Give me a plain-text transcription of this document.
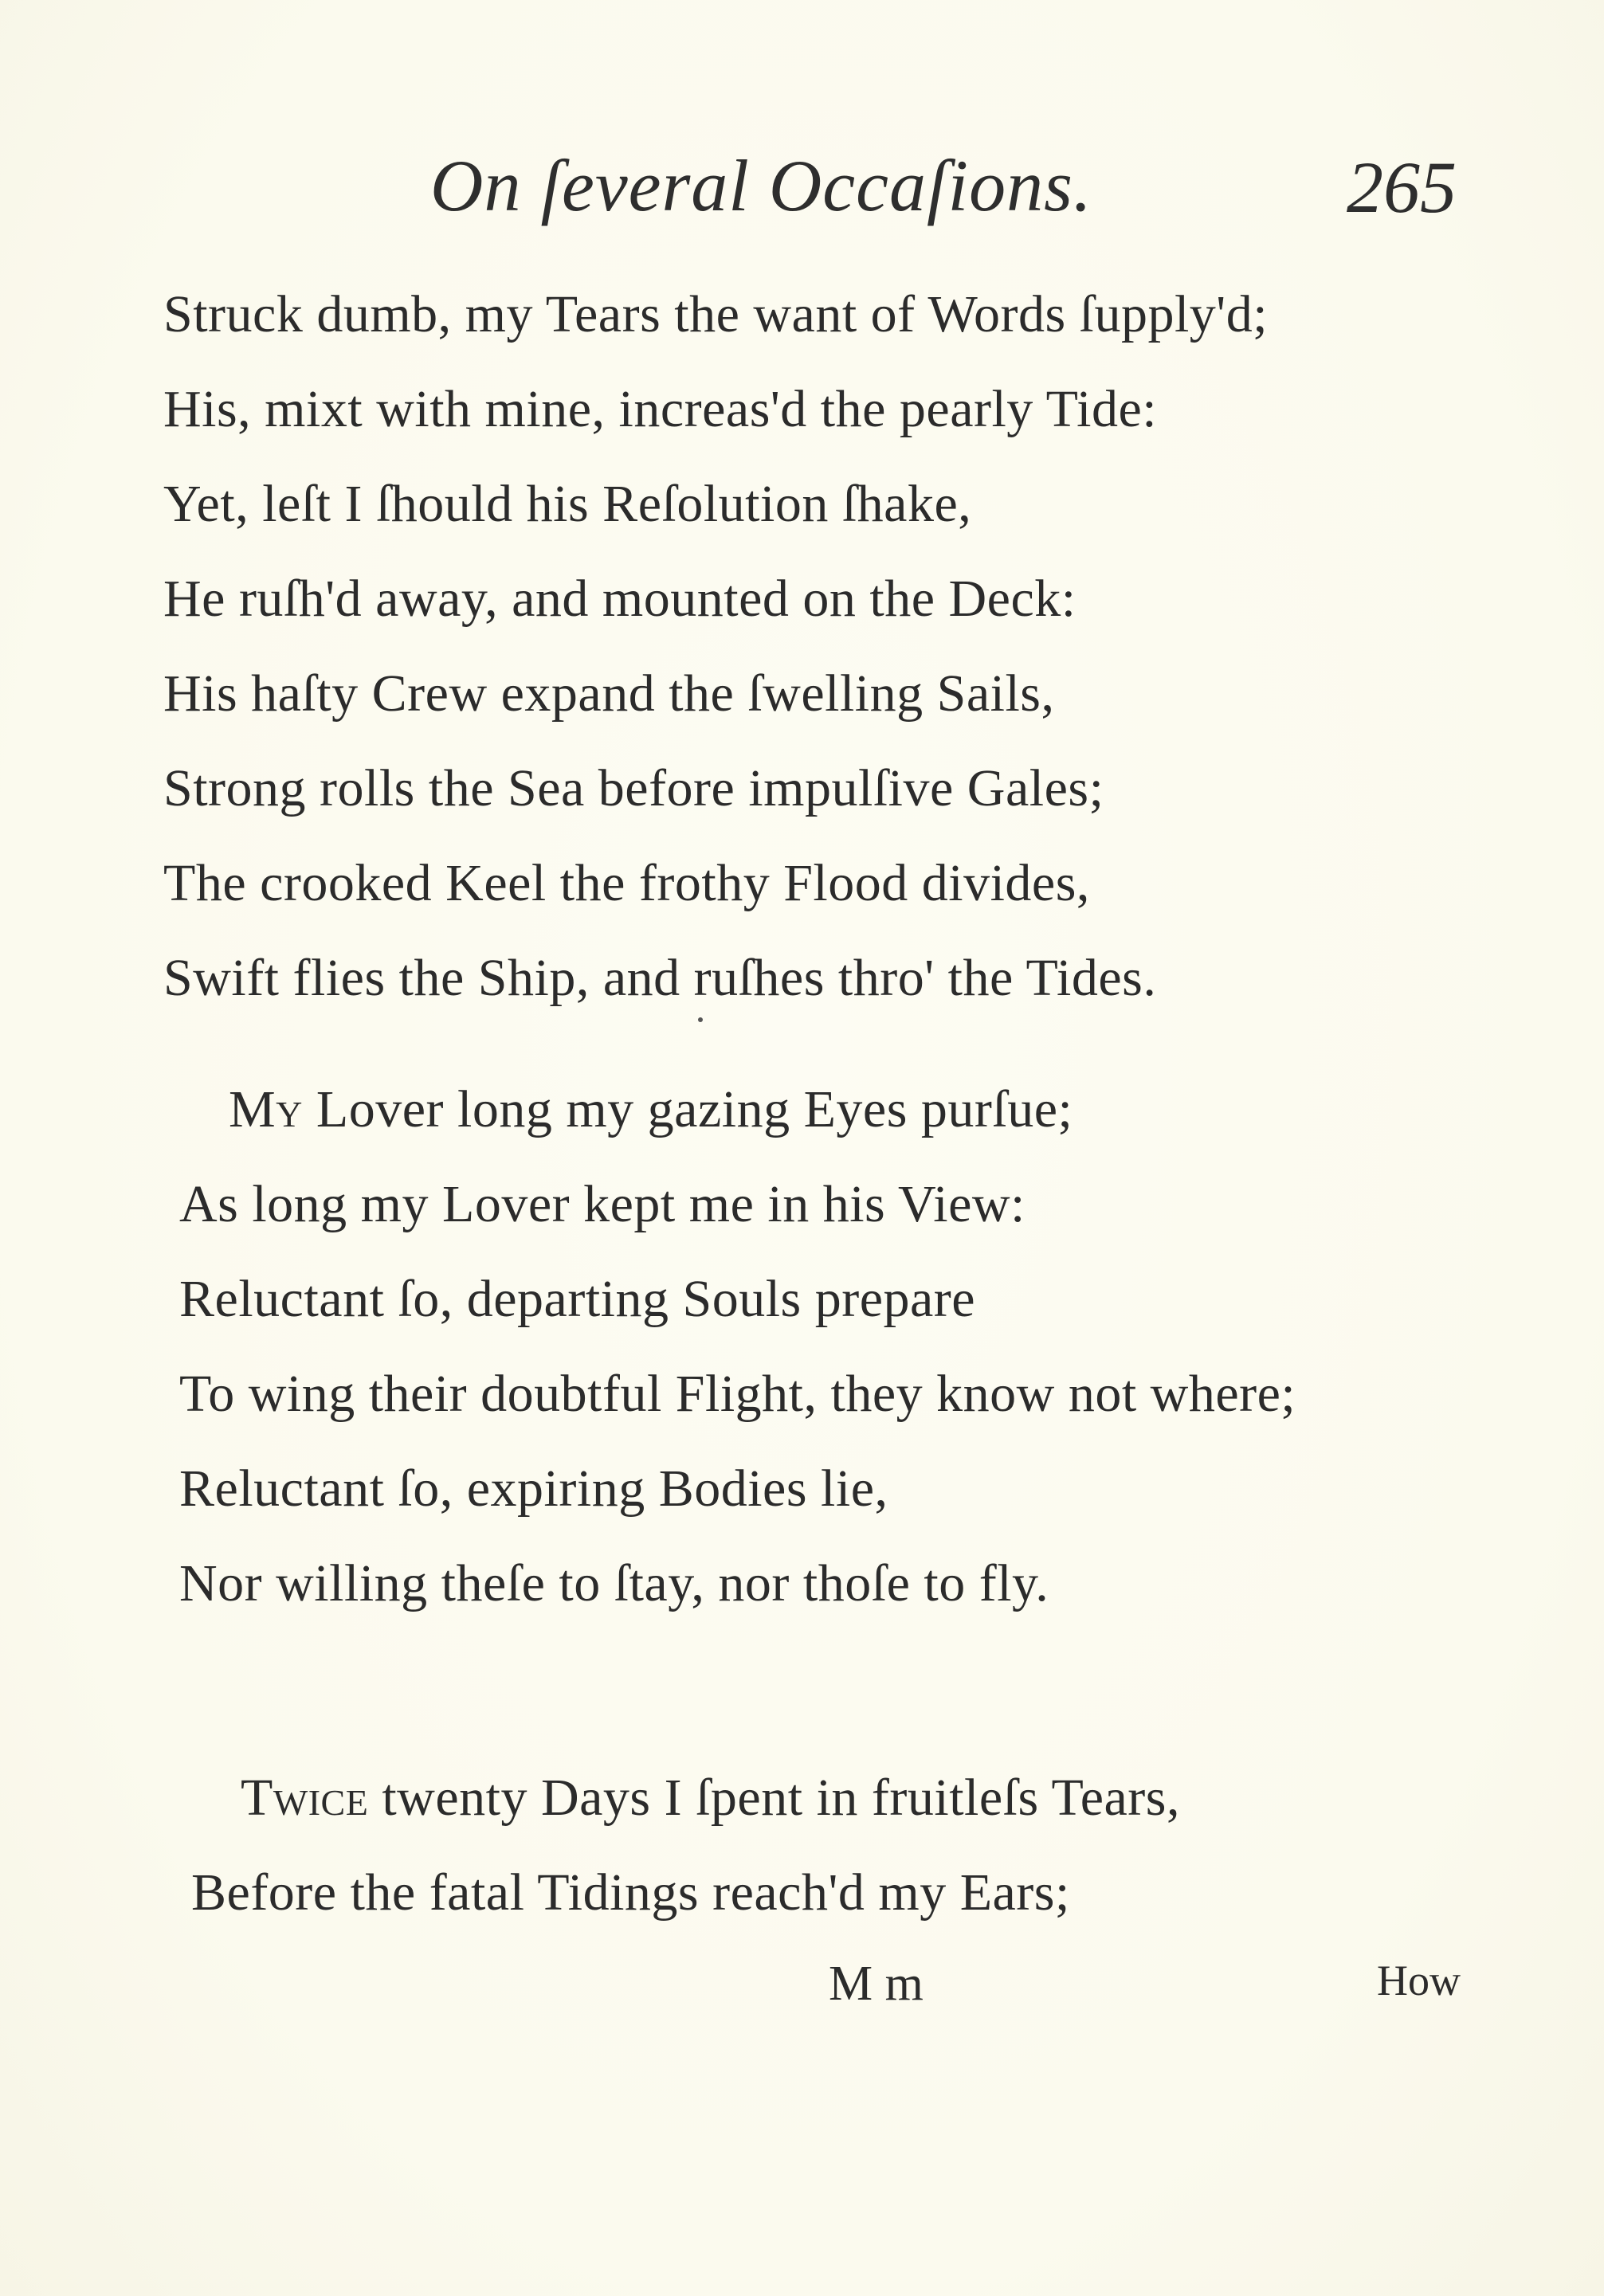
On ſeveral Occaſions.	265
Struck dumb, my Tears the want of Words ſupply'd;
His, mixt with mine, increas'd the pearly Tide:
Yet, leſt I ſhould his Reſolution ſhake,
He ruſh'd away, and mounted on the Deck:
His haſty Crew expand the ſwelling Sails,
Strong rolls the Sea before impulſive Gales;
The crooked Keel the frothy Flood divides,
Swift flies the Ship, and ruſhes thro' the Tides.
My Lover long my gazing Eyes purſue;
As long my Lover kept me in his View:
Reluctant ſo, departing Souls prepare
To wing their doubtful Flight, they know not where;
Reluctant ſo, expiring Bodies lie,
Nor willing theſe to ſtay, nor thoſe to fly.
Twice twenty Days I ſpent in fruitleſs Tears,
Before the fatal Tidings reach'd my Ears;
M m	How
